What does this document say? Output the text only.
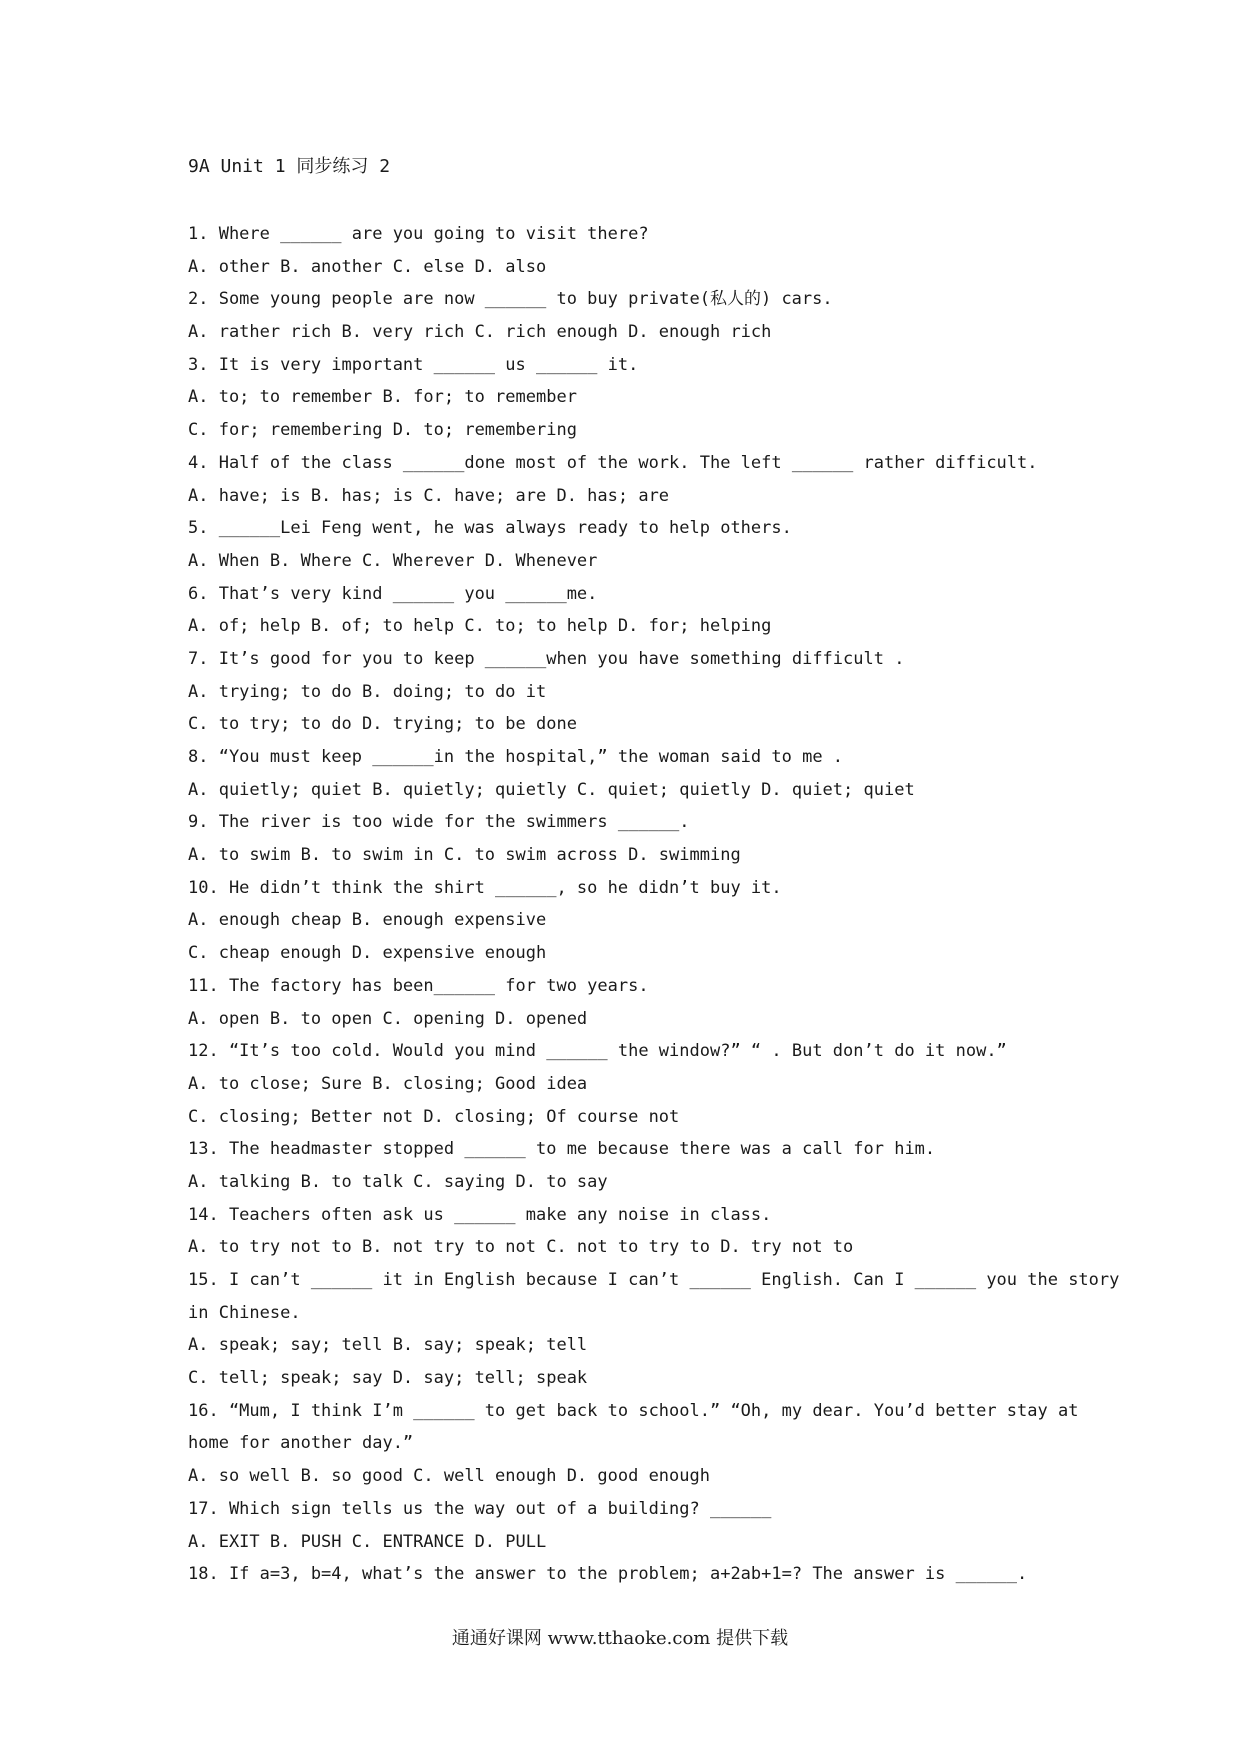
9A Unit 1 同步练习 2
1. Where ______ are you going to visit there?
A. other B. another C. else D. also
2. Some young people are now ______ to buy private(私人的) cars.
A. rather rich B. very rich C. rich enough D. enough rich
3. It is very important ______ us ______ it.
A. to; to remember B. for; to remember
C. for; remembering D. to; remembering
4. Half of the class ______done most of the work. The left ______ rather difficult.
A. have; is B. has; is C. have; are D. has; are
5. ______Lei Feng went, he was always ready to help others.
A. When B. Where C. Wherever D. Whenever
6. That’s very kind ______ you ______me.
A. of; help B. of; to help C. to; to help D. for; helping
7. It’s good for you to keep ______when you have something difficult .
A. trying; to do B. doing; to do it
C. to try; to do D. trying; to be done
8. “You must keep ______in the hospital,” the woman said to me .
A. quietly; quiet B. quietly; quietly C. quiet; quietly D. quiet; quiet
9. The river is too wide for the swimmers ______.
A. to swim B. to swim in C. to swim across D. swimming
10. He didn’t think the shirt ______, so he didn’t buy it.
A. enough cheap B. enough expensive
C. cheap enough D. expensive enough
11. The factory has been______ for two years.
A. open B. to open C. opening D. opened
12. “It’s too cold. Would you mind ______ the window?” “ . But don’t do it now.”
A. to close; Sure B. closing; Good idea
C. closing; Better not D. closing; Of course not
13. The headmaster stopped ______ to me because there was a call for him.
A. talking B. to talk C. saying D. to say
14. Teachers often ask us ______ make any noise in class.
A. to try not to B. not try to not C. not to try to D. try not to
15. I can’t ______ it in English because I can’t ______ English. Can I ______ you the story
in Chinese.
A. speak; say; tell B. say; speak; tell
C. tell; speak; say D. say; tell; speak
16. “Mum, I think I’m ______ to get back to school.” “Oh, my dear. You’d better stay at
home for another day.”
A. so well B. so good C. well enough D. good enough
17. Which sign tells us the way out of a building? ______
A. EXIT B. PUSH C. ENTRANCE D. PULL
18. If a=3, b=4, what’s the answer to the problem; a+2ab+1=? The answer is ______.
通通好课网 www.tthaoke.com 提供下载
